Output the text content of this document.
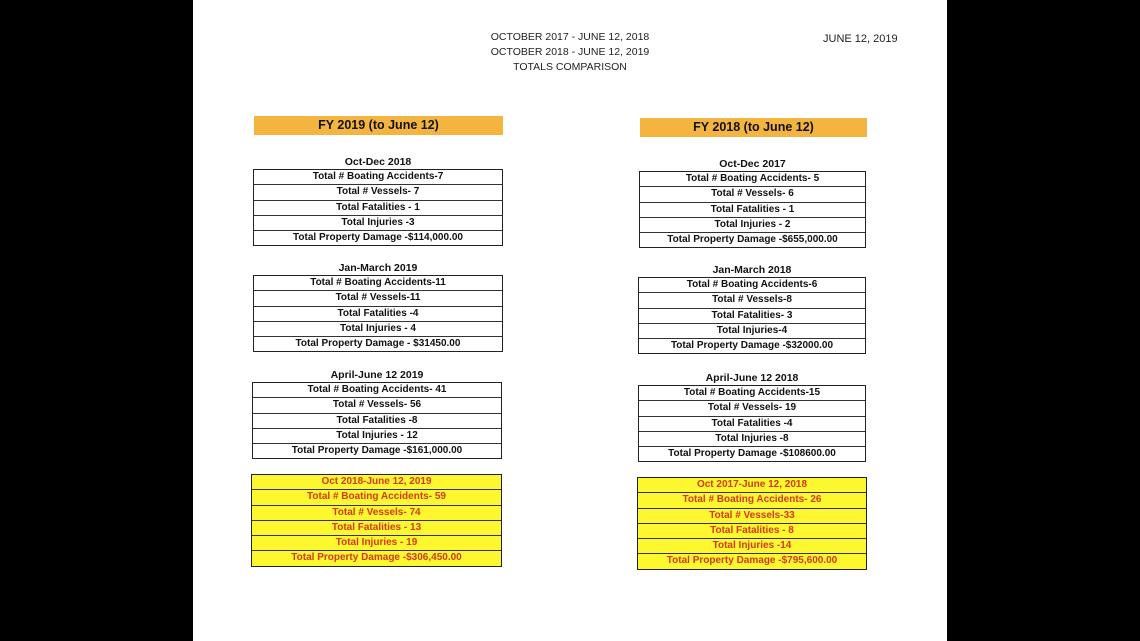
OCTOBER 2017 - JUNE 12, 2018
OCTOBER 2018 - JUNE 12, 2019
TOTALS COMPARISON
JUNE 12, 2019
FY 2019 (to June 12)
Oct-Dec 2018
Total # Boating Accidents-7
Total # Vessels- 7
Total Fatalities - 1
Total Injuries -3
Total Property Damage -$114,000.00
Jan-March 2019
Total # Boating Accidents-11
Total # Vessels-11
Total Fatalities -4
Total Injuries - 4
Total Property Damage - $31450.00
April-June 12 2019
Total # Boating Accidents- 41
Total # Vessels- 56
Total Fatalities -8
Total Injuries - 12
Total Property Damage -$161,000.00
Oct 2018-June 12, 2019
Total # Boating Accidents- 59
Total # Vessels- 74
Total Fatalities - 13
Total Injuries - 19
Total Property Damage -$306,450.00
FY 2018 (to June 12)
Oct-Dec 2017
Total # Boating Accidents- 5
Total # Vessels- 6
Total Fatalities - 1
Total Injuries - 2
Total Property Damage -$655,000.00
Jan-March 2018
Total # Boating Accidents-6
Total # Vessels-8
Total Fatalities- 3
Total Injuries-4
Total Property Damage -$32000.00
April-June 12 2018
Total # Boating Accidents-15
Total # Vessels- 19
Total Fatalities -4
Total Injuries -8
Total Property Damage -$108600.00
Oct 2017-June 12, 2018
Total # Boating Accidents- 26
Total # Vessels-33
Total Fatalities - 8
Total Injuries -14
Total Property Damage -$795,600.00
